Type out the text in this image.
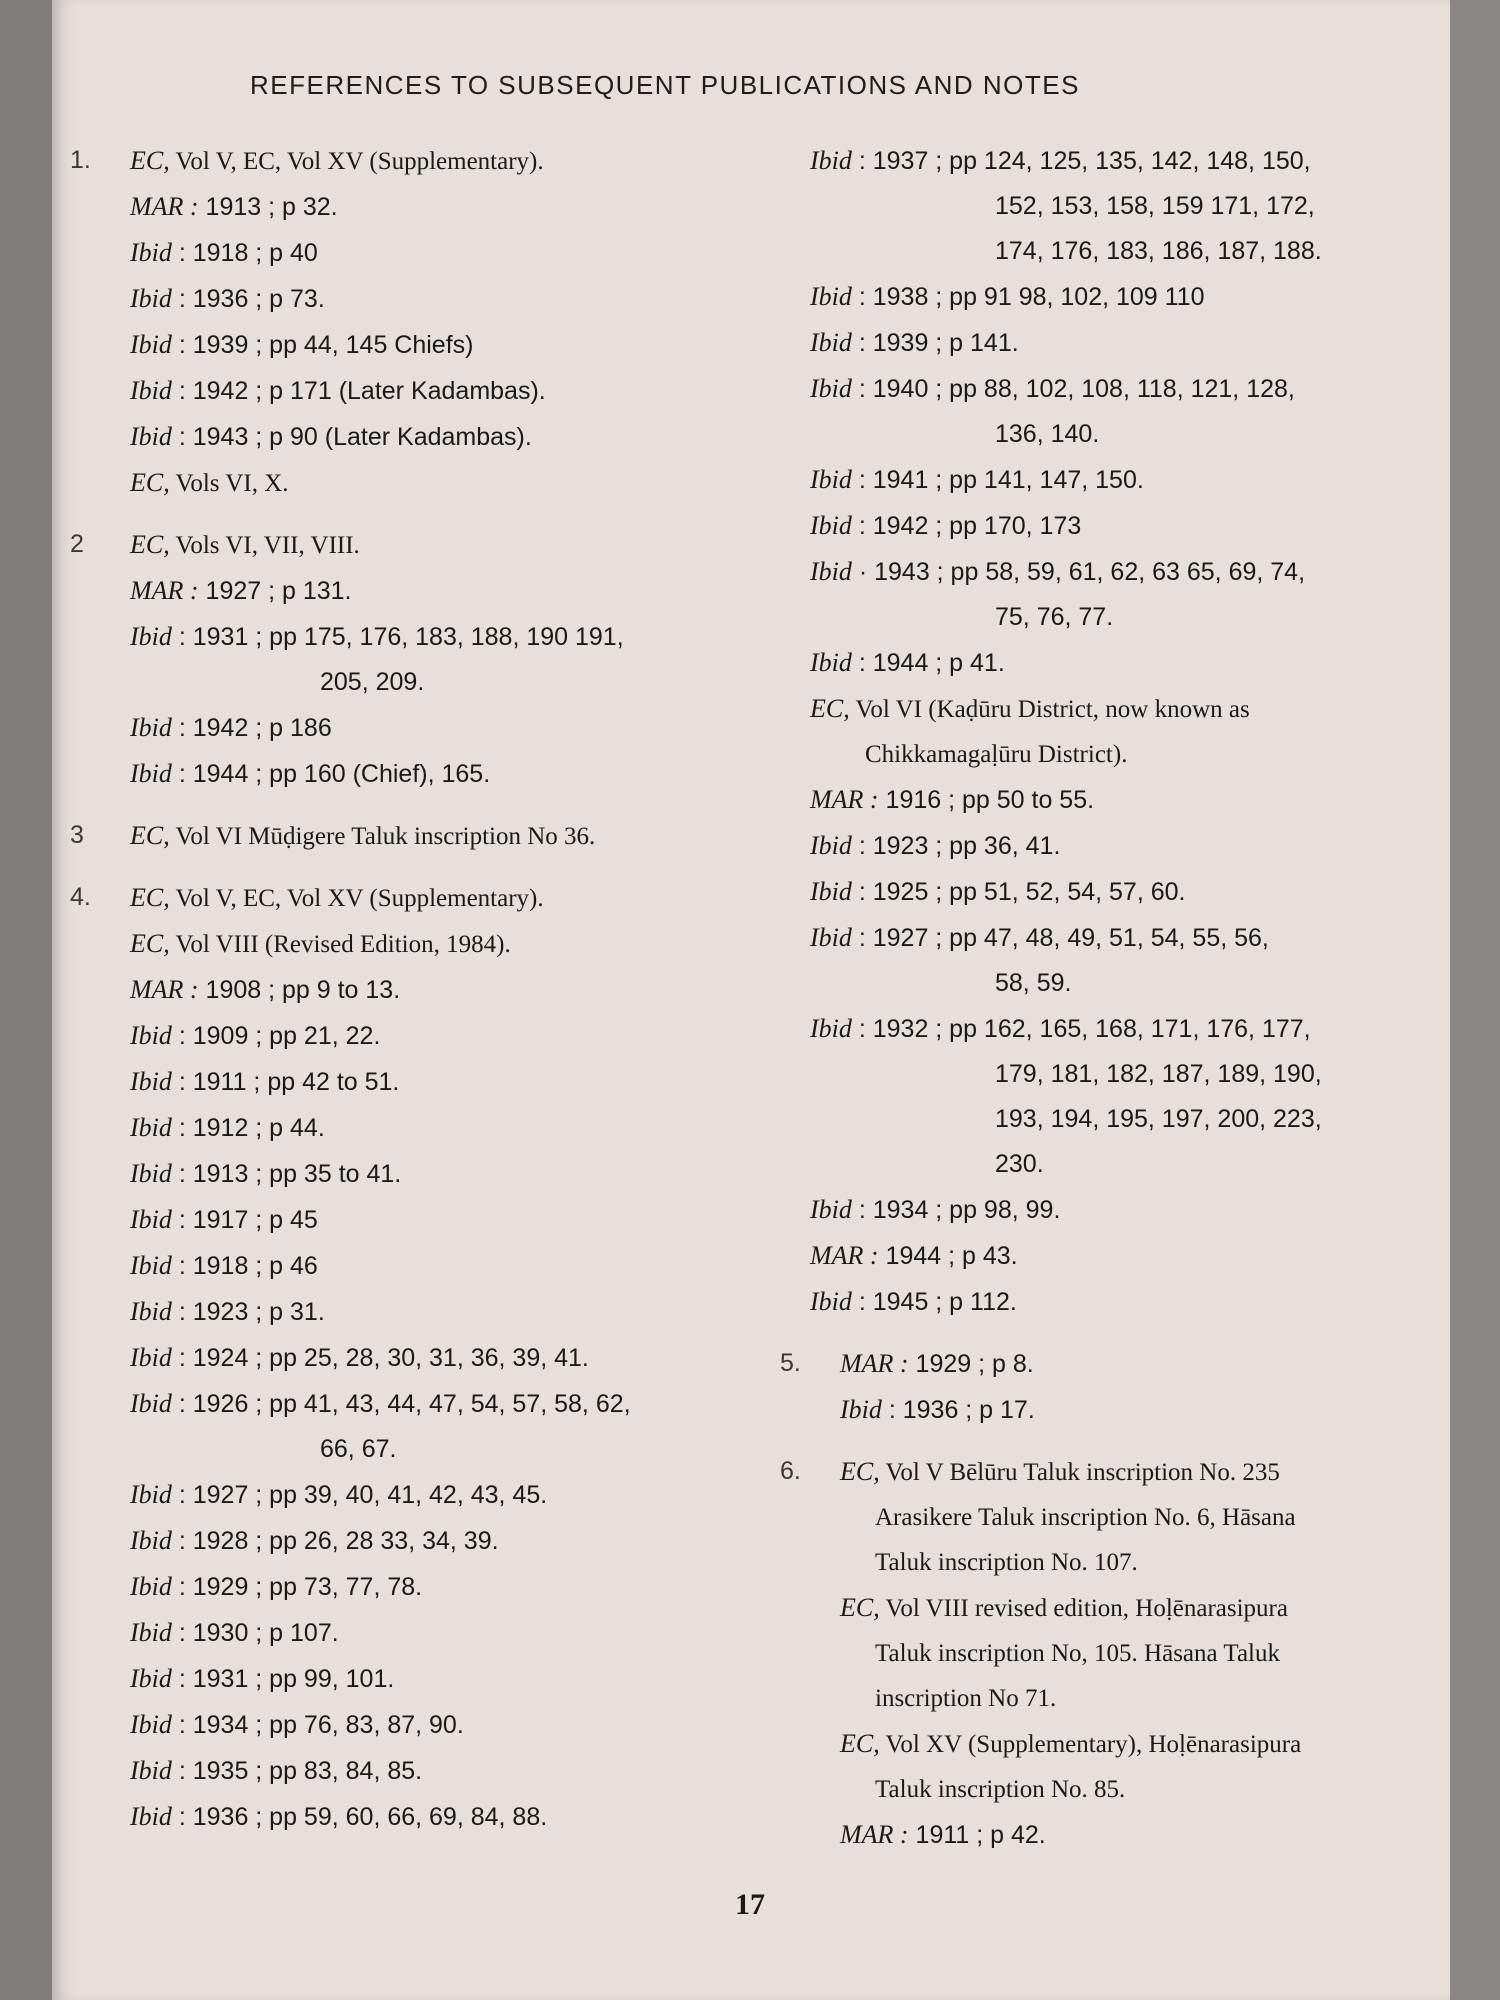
REFERENCES TO SUBSEQUENT PUBLICATIONS AND NOTES
1.	EC, Vol V, EC, Vol XV (Supplementary).
MAR : 1913 ; p 32.
Ibid : 1918 ; p 40
Ibid : 1936 ; p 73.
Ibid : 1939 ; pp 44, 145 Chiefs)
Ibid : 1942 ; p 171 (Later Kadambas).
Ibid : 1943 ; p 90 (Later Kadambas).
EC, Vols VI, X.
2	EC, Vols VI, VII, VIII.
MAR : 1927 ; p 131.
Ibid : 1931 ; pp 175, 176, 183, 188, 190 191,
205, 209.
Ibid : 1942 ; p 186
Ibid : 1944 ; pp 160 (Chief), 165.
3	EC, Vol VI Mūḍigere Taluk inscription No 36.
4.	EC, Vol V, EC, Vol XV (Supplementary).
EC, Vol VIII (Revised Edition, 1984).
MAR : 1908 ; pp 9 to 13.
Ibid : 1909 ; pp 21, 22.
Ibid : 1911 ; pp 42 to 51.
Ibid : 1912 ; p 44.
Ibid : 1913 ; pp 35 to 41.
Ibid : 1917 ; p 45
Ibid : 1918 ; p 46
Ibid : 1923 ; p 31.
Ibid : 1924 ; pp 25, 28, 30, 31, 36, 39, 41.
Ibid : 1926 ; pp 41, 43, 44, 47, 54, 57, 58, 62,
66, 67.
Ibid : 1927 ; pp 39, 40, 41, 42, 43, 45.
Ibid : 1928 ; pp 26, 28 33, 34, 39.
Ibid : 1929 ; pp 73, 77, 78.
Ibid : 1930 ; p 107.
Ibid : 1931 ; pp 99, 101.
Ibid : 1934 ; pp 76, 83, 87, 90.
Ibid : 1935 ; pp 83, 84, 85.
Ibid : 1936 ; pp 59, 60, 66, 69, 84, 88.
Ibid : 1937 ; pp 124, 125, 135, 142, 148, 150,
152, 153, 158, 159 171, 172,
174, 176, 183, 186, 187, 188.
Ibid : 1938 ; pp 91 98, 102, 109 110
Ibid : 1939 ; p 141.
Ibid : 1940 ; pp 88, 102, 108, 118, 121, 128,
136, 140.
Ibid : 1941 ; pp 141, 147, 150.
Ibid : 1942 ; pp 170, 173
Ibid · 1943 ; pp 58, 59, 61, 62, 63 65, 69, 74,
75, 76, 77.
Ibid : 1944 ; p 41.
EC, Vol VI (Kaḍūru District, now known as
Chikkamagaḷūru District).
MAR : 1916 ; pp 50 to 55.
Ibid : 1923 ; pp 36, 41.
Ibid : 1925 ; pp 51, 52, 54, 57, 60.
Ibid : 1927 ; pp 47, 48, 49, 51, 54, 55, 56,
58, 59.
Ibid : 1932 ; pp 162, 165, 168, 171, 176, 177,
179, 181, 182, 187, 189, 190,
193, 194, 195, 197, 200, 223,
230.
Ibid : 1934 ; pp 98, 99.
MAR : 1944 ; p 43.
Ibid : 1945 ; p 112.
5.	MAR : 1929 ; p 8.
Ibid : 1936 ; p 17.
6.	EC, Vol V Bēlūru Taluk inscription No. 235
Arasikere Taluk inscription No. 6, Hāsana
Taluk inscription No. 107.
EC, Vol VIII revised edition, Hoḷēnarasipura
Taluk inscription No, 105. Hāsana Taluk
inscription No 71.
EC, Vol XV (Supplementary), Hoḷēnarasipura
Taluk inscription No. 85.
MAR : 1911 ; p 42.
17
